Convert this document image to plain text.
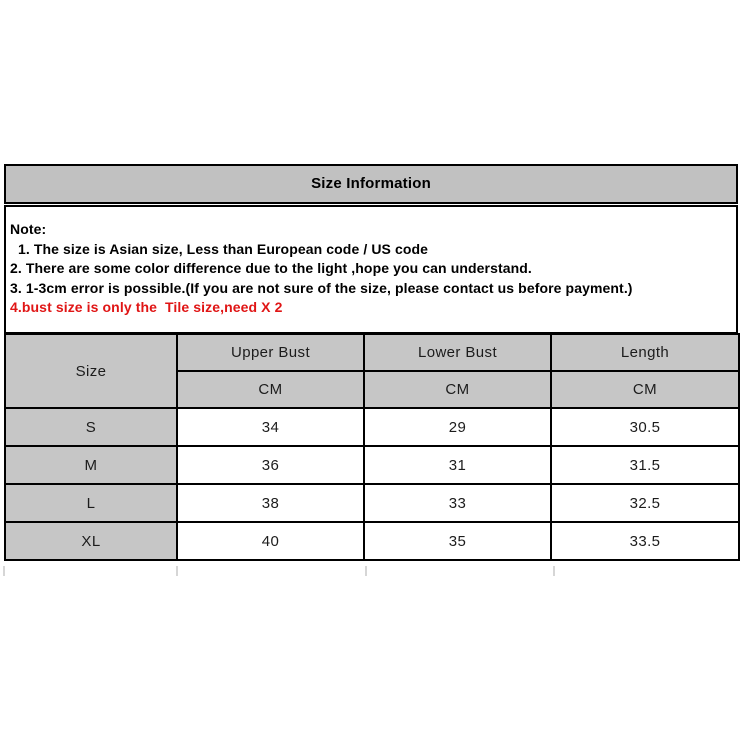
Size Information
Note:
1. The size is Asian size, Less than European code / US code
2. There are some color difference due to the light ,hope you can understand.
3. 1-3cm error is possible.(If you are not sure of the size, please contact us before payment.)
4.bust size is only the  Tile size,need X 2
Size	Upper Bust	Lower Bust	Length
	CM	CM	CM
S	34	29	30.5
M	36	31	31.5
L	38	33	32.5
XL	40	35	33.5
